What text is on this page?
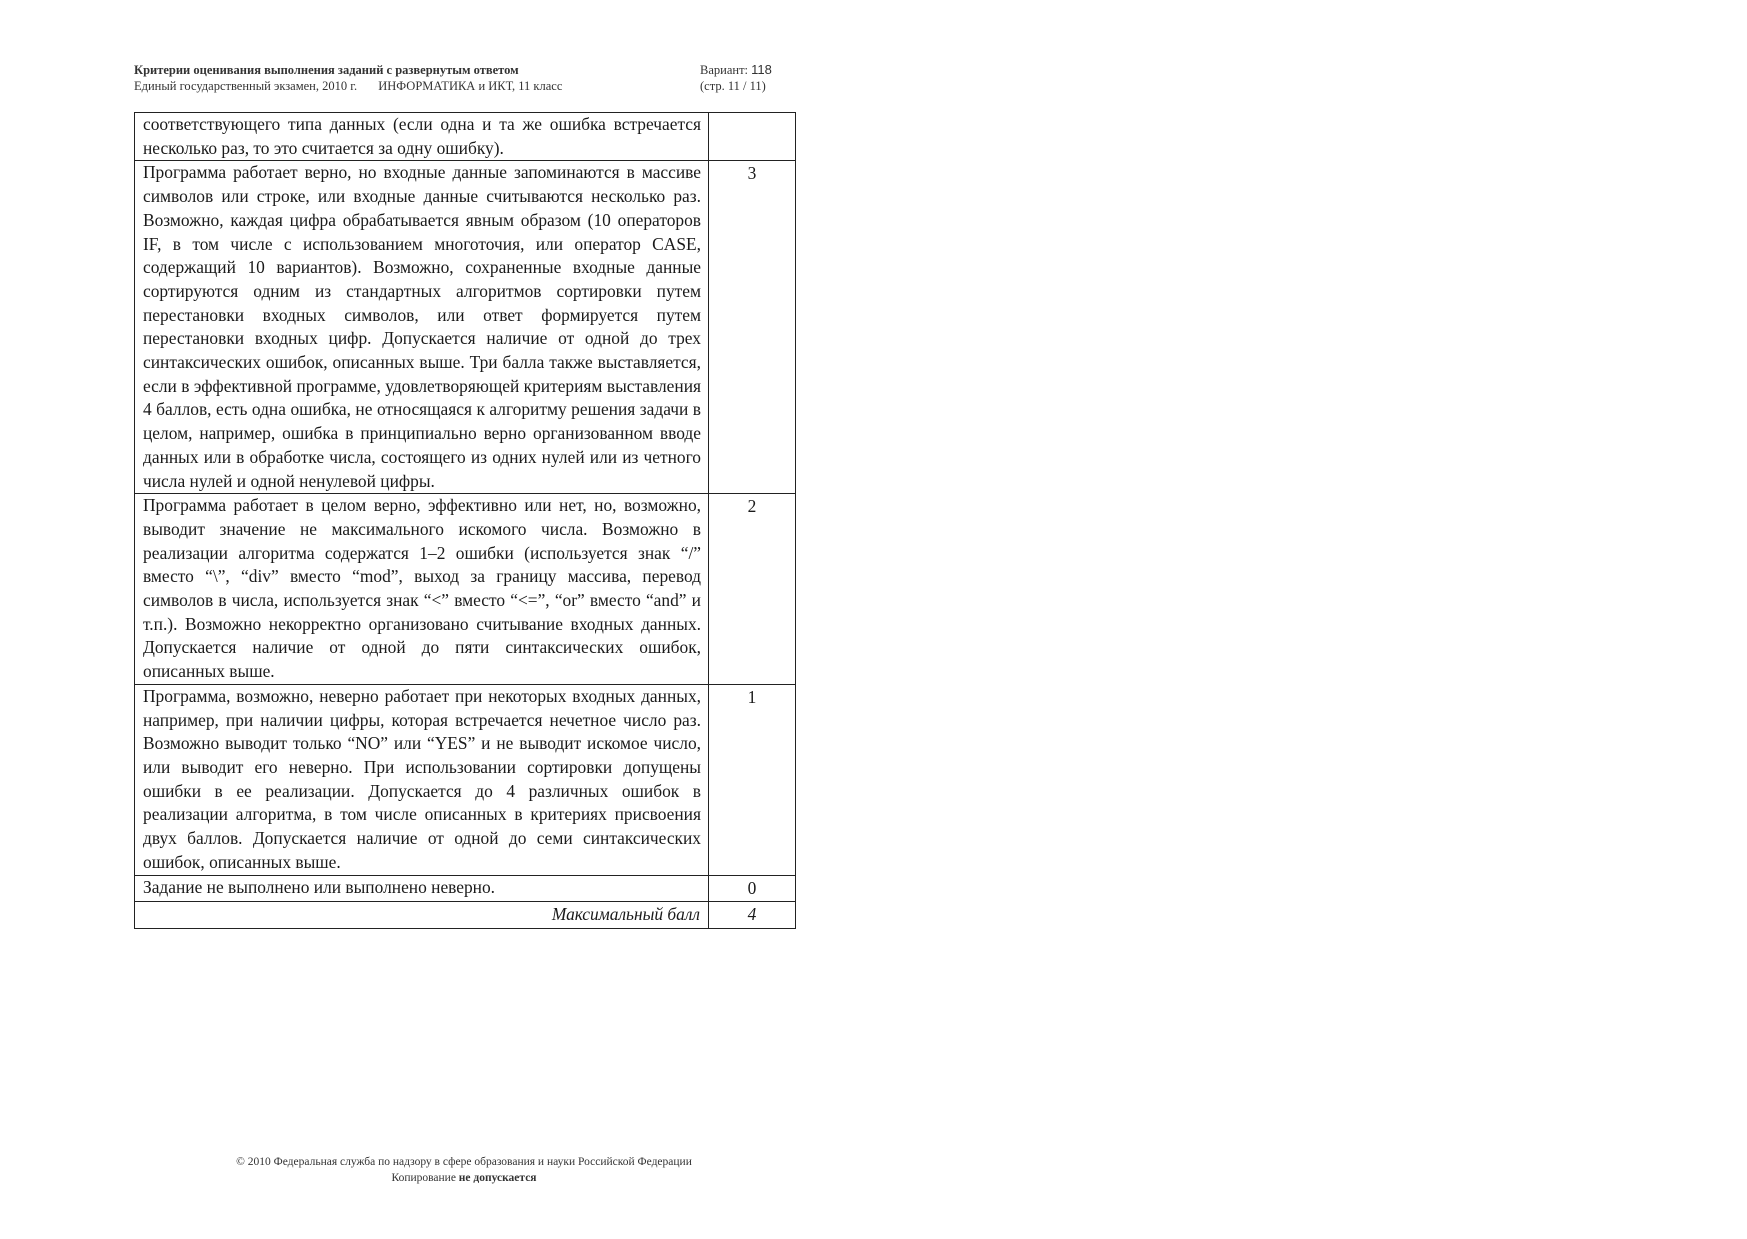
Критерии оценивания выполнения заданий с развернутым ответом
Единый государственный экзамен, 2010 г. ИНФОРМАТИКА и ИКТ, 11 класс
Вариант: 118
(стр. 11 / 11)
соответствующего типа данных (если одна и та же ошибка встречается несколько раз, то это считается за одну ошибку).	
Программа работает верно, но входные данные запоминаются в массиве символов или строке, или входные данные считываются несколько раз. Возможно, каждая цифра обрабатывается явным образом (10 операторов IF, в том числе с использованием многоточия, или оператор CASE, содержащий 10 вариантов). Возможно, сохраненные входные данные сортируются одним из стандартных алгоритмов сортировки путем перестановки входных символов, или ответ формируется путем перестановки входных цифр. Допускается наличие от одной до трех синтаксических ошибок, описанных выше. Три балла также выставляется, если в эффективной программе, удовлетворяющей критериям выставления 4 баллов, есть одна ошибка, не относящаяся к алгоритму решения задачи в целом, например, ошибка в принципиально верно организованном вводе данных или в обработке числа, состоящего из одних нулей или из четного числа нулей и одной ненулевой цифры.	3
Программа работает в целом верно, эффективно или нет, но, возможно, выводит значение не максимального искомого числа. Возможно в реализации алгоритма содержатся 1–2 ошибки (используется знак “/” вместо “\”, “div” вместо “mod”, выход за границу массива, перевод символов в числа, используется знак “<” вместо “<=”, “or” вместо “and” и т.п.). Возможно некорректно организовано считывание входных данных. Допускается наличие от одной до пяти синтаксических ошибок, описанных выше.	2
Программа, возможно, неверно работает при некоторых входных данных, например, при наличии цифры, которая встречается нечетное число раз. Возможно выводит только “NO” или “YES” и не выводит искомое число, или выводит его неверно. При использовании сортировки допущены ошибки в ее реализации. Допускается до 4 различных ошибок в реализации алгоритма, в том числе описанных в критериях присвоения двух баллов. Допускается наличие от одной до семи синтаксических ошибок, описанных выше.	1
Задание не выполнено или выполнено неверно.	0
Максимальный балл	4
© 2010 Федеральная служба по надзору в сфере образования и науки Российской Федерации
Копирование не допускается
